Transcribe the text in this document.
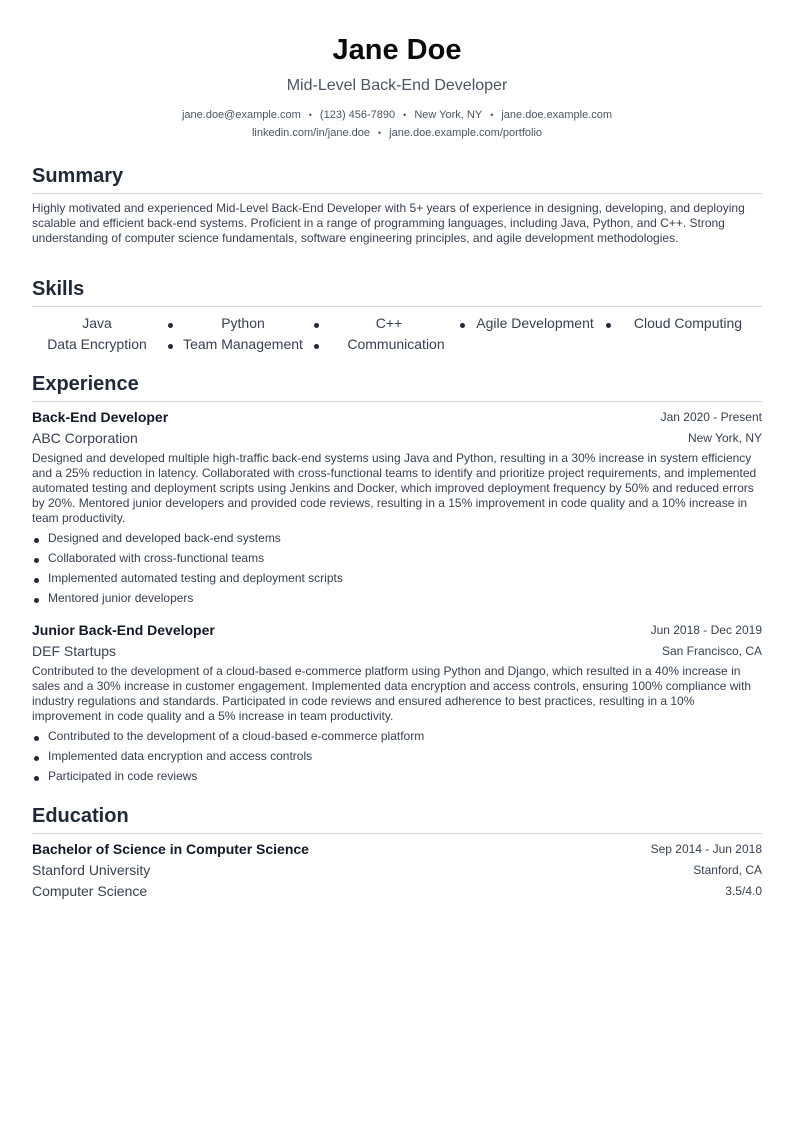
Jane Doe
Mid-Level Back-End Developer
jane.doe@example.com • (123) 456-7890 • New York, NY • jane.doe.example.com
linkedin.com/in/jane.doe • jane.doe.example.com/portfolio
Summary
Highly motivated and experienced Mid-Level Back-End Developer with 5+ years of experience in designing, developing, and deploying scalable and efficient back-end systems. Proficient in a range of programming languages, including Java, Python, and C++. Strong understanding of computer science fundamentals, software engineering principles, and agile development methodologies.
Skills
Java	Python	C++	Agile Development	Cloud Computing
Data Encryption	Team Management	Communication
Experience
Back-End Developer	Jan 2020 - Present
ABC Corporation	New York, NY
Designed and developed multiple high-traffic back-end systems using Java and Python, resulting in a 30% increase in system efficiency and a 25% reduction in latency. Collaborated with cross-functional teams to identify and prioritize project requirements, and implemented automated testing and deployment scripts using Jenkins and Docker, which improved deployment frequency by 50% and reduced errors by 20%. Mentored junior developers and provided code reviews, resulting in a 15% improvement in code quality and a 10% increase in team productivity.
Designed and developed back-end systems
Collaborated with cross-functional teams
Implemented automated testing and deployment scripts
Mentored junior developers
Junior Back-End Developer	Jun 2018 - Dec 2019
DEF Startups	San Francisco, CA
Contributed to the development of a cloud-based e-commerce platform using Python and Django, which resulted in a 40% increase in sales and a 30% increase in customer engagement. Implemented data encryption and access controls, ensuring 100% compliance with industry regulations and standards. Participated in code reviews and ensured adherence to best practices, resulting in a 10% improvement in code quality and a 5% increase in team productivity.
Contributed to the development of a cloud-based e-commerce platform
Implemented data encryption and access controls
Participated in code reviews
Education
Bachelor of Science in Computer Science	Sep 2014 - Jun 2018
Stanford University	Stanford, CA
Computer Science	3.5/4.0
